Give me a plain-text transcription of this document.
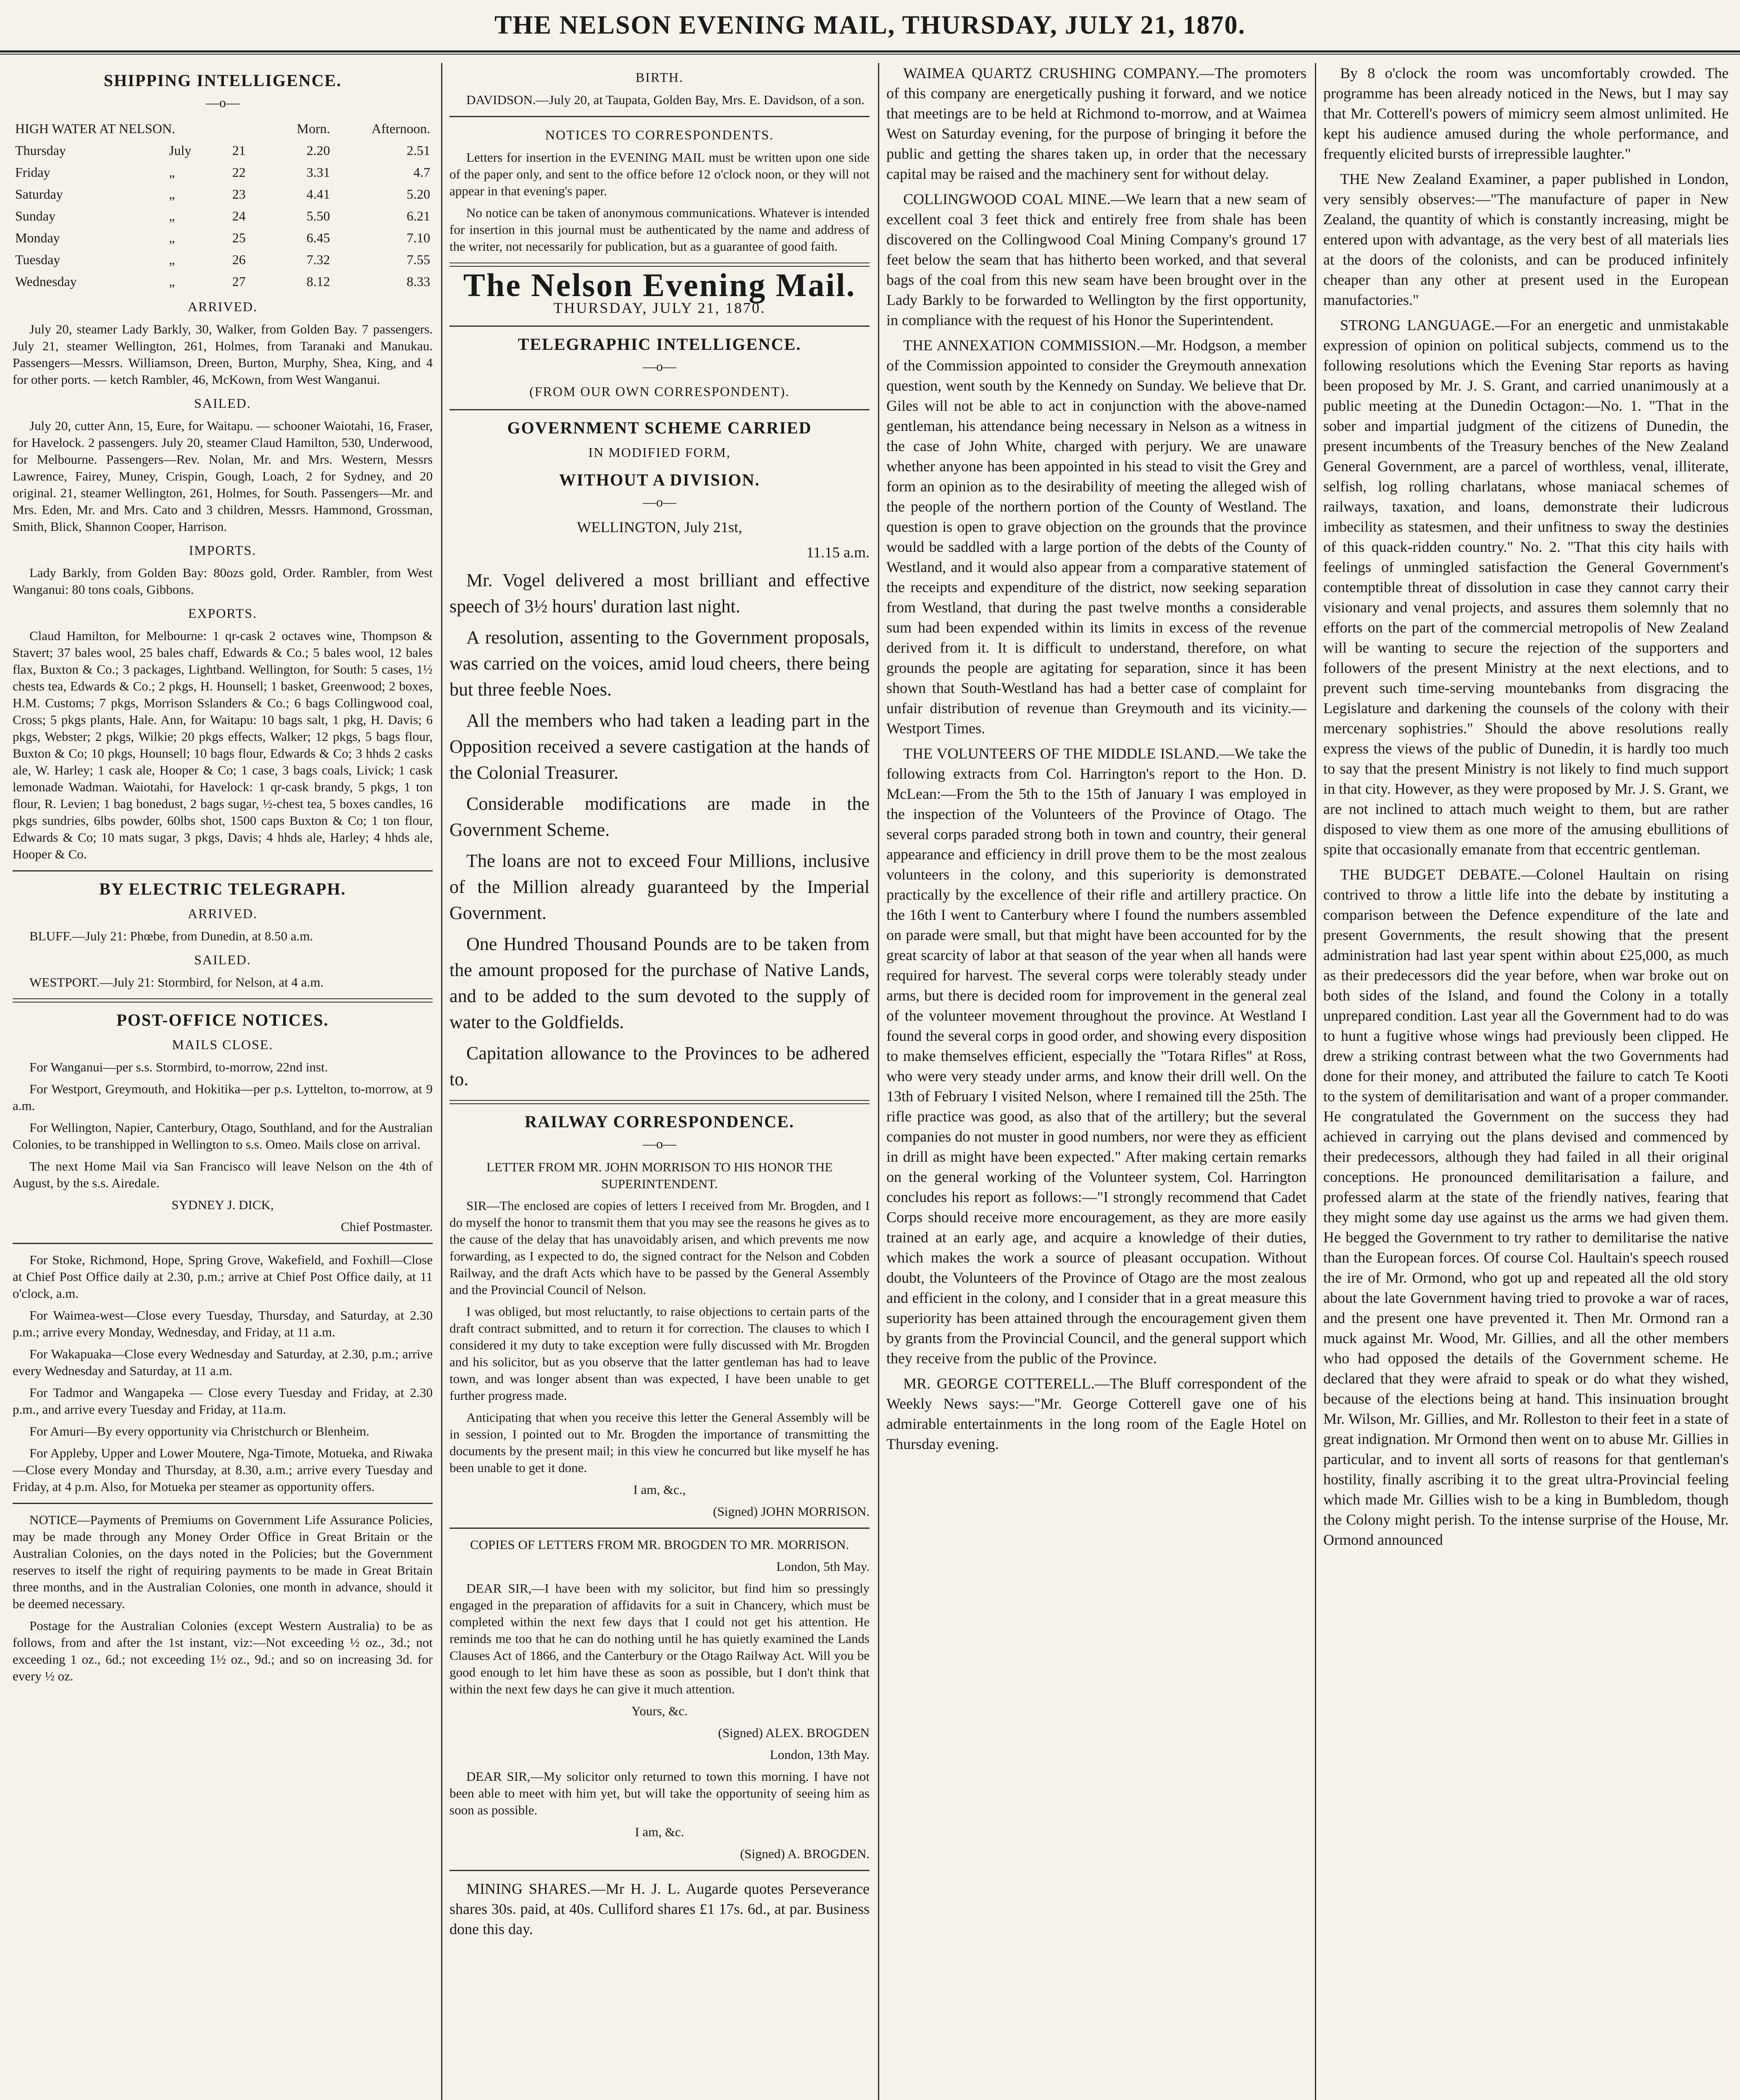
THE NELSON EVENING MAIL, THURSDAY, JULY 21, 1870.
SHIPPING INTELLIGENCE.
—o—
HIGH WATER AT NELSON.			Morn.	Afternoon.
Thursday	July	21	2.20	2.51
Friday	„	22	3.31	4.7
Saturday	„	23	4.41	5.20
Sunday	„	24	5.50	6.21
Monday	„	25	6.45	7.10
Tuesday	„	26	7.32	7.55
Wednesday	„	27	8.12	8.33
ARRIVED.

July 20, steamer Lady Barkly, 30, Walker, from Golden Bay. 7 passengers. July 21, steamer Wellington, 261, Holmes, from Taranaki and Manukau. Passengers—Messrs. Williamson, Dreen, Burton, Murphy, Shea, King, and 4 for other ports. — ketch Rambler, 46, McKown, from West Wanganui.

SAILED.

July 20, cutter Ann, 15, Eure, for Waitapu. — schooner Waiotahi, 16, Fraser, for Havelock. 2 passengers. July 20, steamer Claud Hamilton, 530, Underwood, for Melbourne. Passengers—Rev. Nolan, Mr. and Mrs. Western, Messrs Lawrence, Fairey, Muney, Crispin, Gough, Loach, 2 for Sydney, and 20 original. 21, steamer Wellington, 261, Holmes, for South. Passengers—Mr. and Mrs. Eden, Mr. and Mrs. Cato and 3 children, Messrs. Hammond, Grossman, Smith, Blick, Shannon Cooper, Harrison.

IMPORTS.

Lady Barkly, from Golden Bay: 80ozs gold, Order. Rambler, from West Wanganui: 80 tons coals, Gibbons.

EXPORTS.

Claud Hamilton, for Melbourne: 1 qr-cask 2 octaves wine, Thompson & Stavert; 37 bales wool, 25 bales chaff, Edwards & Co.; 5 bales wool, 12 bales flax, Buxton & Co.; 3 packages, Lightband. Wellington, for South: 5 cases, 1½ chests tea, Edwards & Co.; 2 pkgs, H. Hounsell; 1 basket, Greenwood; 2 boxes, H.M. Customs; 7 pkgs, Morrison Sslanders & Co.; 6 bags Collingwood coal, Cross; 5 pkgs plants, Hale. Ann, for Waitapu: 10 bags salt, 1 pkg, H. Davis; 6 pkgs, Webster; 2 pkgs, Wilkie; 20 pkgs effects, Walker; 12 pkgs, 5 bags flour, Buxton & Co; 10 pkgs, Hounsell; 10 bags flour, Edwards & Co; 3 hhds 2 casks ale, W. Harley; 1 cask ale, Hooper & Co; 1 case, 3 bags coals, Livick; 1 cask lemonade Wadman. Waiotahi, for Havelock: 1 qr-cask brandy, 5 pkgs, 1 ton flour, R. Levien; 1 bag bonedust, 2 bags sugar, ½-chest tea, 5 boxes candles, 16 pkgs sundries, 6lbs powder, 60lbs shot, 1500 caps Buxton & Co; 1 ton flour, Edwards & Co; 10 mats sugar, 3 pkgs, Davis; 4 hhds ale, Harley; 4 hhds ale, Hooper & Co.

BY ELECTRIC TELEGRAPH.
ARRIVED.

BLUFF.—July 21: Phœbe, from Dunedin, at 8.50 a.m.

SAILED.

WESTPORT.—July 21: Stormbird, for Nelson, at 4 a.m.

POST-OFFICE NOTICES.
MAILS CLOSE.

For Wanganui—per s.s. Stormbird, to-morrow, 22nd inst.

For Westport, Greymouth, and Hokitika—per p.s. Lyttelton, to-morrow, at 9 a.m.

For Wellington, Napier, Canterbury, Otago, Southland, and for the Australian Colonies, to be transhipped in Wellington to s.s. Omeo. Mails close on arrival.

The next Home Mail via San Francisco will leave Nelson on the 4th of August, by the s.s. Airedale.

SYDNEY J. DICK,

Chief Postmaster.

For Stoke, Richmond, Hope, Spring Grove, Wakefield, and Foxhill—Close at Chief Post Office daily at 2.30, p.m.; arrive at Chief Post Office daily, at 11 o'clock, a.m.

For Waimea-west—Close every Tuesday, Thursday, and Saturday, at 2.30 p.m.; arrive every Monday, Wednesday, and Friday, at 11 a.m.

For Wakapuaka—Close every Wednesday and Saturday, at 2.30, p.m.; arrive every Wednesday and Saturday, at 11 a.m.

For Tadmor and Wangapeka — Close every Tuesday and Friday, at 2.30 p.m., and arrive every Tuesday and Friday, at 11a.m.

For Amuri—By every opportunity via Christchurch or Blenheim.

For Appleby, Upper and Lower Moutere, Nga-Timote, Motueka, and Riwaka—Close every Monday and Thursday, at 8.30, a.m.; arrive every Tuesday and Friday, at 4 p.m. Also, for Motueka per steamer as opportunity offers.

NOTICE—Payments of Premiums on Government Life Assurance Policies, may be made through any Money Order Office in Great Britain or the Australian Colonies, on the days noted in the Policies; but the Government reserves to itself the right of requiring payments to be made in Great Britain three months, and in the Australian Colonies, one month in advance, should it be deemed necessary.

Postage for the Australian Colonies (except Western Australia) to be as follows, from and after the 1st instant, viz:—Not exceeding ½ oz., 3d.; not exceeding 1 oz., 6d.; not exceeding 1½ oz., 9d.; and so on increasing 3d. for every ½ oz.

BIRTH.

DAVIDSON.—July 20, at Taupata, Golden Bay, Mrs. E. Davidson, of a son.

NOTICES TO CORRESPONDENTS.

Letters for insertion in the EVENING MAIL must be written upon one side of the paper only, and sent to the office before 12 o'clock noon, or they will not appear in that evening's paper.

No notice can be taken of anonymous communications. Whatever is intended for insertion in this journal must be authenticated by the name and address of the writer, not necessarily for publication, but as a guarantee of good faith.

The Nelson Evening Mail.
THURSDAY, JULY 21, 1870.
TELEGRAPHIC INTELLIGENCE.
—o—
(FROM OUR OWN CORRESPONDENT).
GOVERNMENT SCHEME CARRIED
IN MODIFIED FORM,
WITHOUT A DIVISION.
—o—

WELLINGTON, July 21st,

11.15 a.m.

Mr. Vogel delivered a most brilliant and effective speech of 3½ hours' duration last night.

A resolution, assenting to the Government proposals, was carried on the voices, amid loud cheers, there being but three feeble Noes.

All the members who had taken a leading part in the Opposition received a severe castigation at the hands of the Colonial Treasurer.

Considerable modifications are made in the Government Scheme.

The loans are not to exceed Four Millions, inclusive of the Million already guaranteed by the Imperial Government.

One Hundred Thousand Pounds are to be taken from the amount proposed for the purchase of Native Lands, and to be added to the sum devoted to the supply of water to the Goldfields.

Capitation allowance to the Provinces to be adhered to.

RAILWAY CORRESPONDENCE.
—o—

LETTER FROM MR. JOHN MORRISON TO HIS HONOR THE SUPERINTENDENT.

SIR—The enclosed are copies of letters I received from Mr. Brogden, and I do myself the honor to transmit them that you may see the reasons he gives as to the cause of the delay that has unavoidably arisen, and which prevents me now forwarding, as I expected to do, the signed contract for the Nelson and Cobden Railway, and the draft Acts which have to be passed by the General Assembly and the Provincial Council of Nelson.

I was obliged, but most reluctantly, to raise objections to certain parts of the draft contract submitted, and to return it for correction. The clauses to which I considered it my duty to take exception were fully discussed with Mr. Brogden and his solicitor, but as you observe that the latter gentleman has had to leave town, and was longer absent than was expected, I have been unable to get further progress made.

Anticipating that when you receive this letter the General Assembly will be in session, I pointed out to Mr. Brogden the importance of transmitting the documents by the present mail; in this view he concurred but like myself he has been unable to get it done.

I am, &c.,

(Signed) JOHN MORRISON.

COPIES OF LETTERS FROM MR. BROGDEN TO MR. MORRISON.

London, 5th May.

DEAR SIR,—I have been with my solicitor, but find him so pressingly engaged in the preparation of affidavits for a suit in Chancery, which must be completed within the next few days that I could not get his attention. He reminds me too that he can do nothing until he has quietly examined the Lands Clauses Act of 1866, and the Canterbury or the Otago Railway Act. Will you be good enough to let him have these as soon as possible, but I don't think that within the next few days he can give it much attention.

Yours, &c.

(Signed) ALEX. BROGDEN

London, 13th May.

DEAR SIR,—My solicitor only returned to town this morning. I have not been able to meet with him yet, but will take the opportunity of seeing him as soon as possible.

I am, &c.

(Signed) A. BROGDEN.

MINING SHARES.—Mr H. J. L. Augarde quotes Perseverance shares 30s. paid, at 40s. Culliford shares £1 17s. 6d., at par. Business done this day.

WAIMEA QUARTZ CRUSHING COMPANY.—The promoters of this company are energetically pushing it forward, and we notice that meetings are to be held at Richmond to-morrow, and at Waimea West on Saturday evening, for the purpose of bringing it before the public and getting the shares taken up, in order that the necessary capital may be raised and the machinery sent for without delay.

COLLINGWOOD COAL MINE.—We learn that a new seam of excellent coal 3 feet thick and entirely free from shale has been discovered on the Collingwood Coal Mining Company's ground 17 feet below the seam that has hitherto been worked, and that several bags of the coal from this new seam have been brought over in the Lady Barkly to be forwarded to Wellington by the first opportunity, in compliance with the request of his Honor the Superintendent.

THE ANNEXATION COMMISSION.—Mr. Hodgson, a member of the Commission appointed to consider the Greymouth annexation question, went south by the Kennedy on Sunday. We believe that Dr. Giles will not be able to act in conjunction with the above-named gentleman, his attendance being necessary in Nelson as a witness in the case of John White, charged with perjury. We are unaware whether anyone has been appointed in his stead to visit the Grey and form an opinion as to the desirability of meeting the alleged wish of the people of the northern portion of the County of Westland. The question is open to grave objection on the grounds that the province would be saddled with a large portion of the debts of the County of Westland, and it would also appear from a comparative statement of the receipts and expenditure of the district, now seeking separation from Westland, that during the past twelve months a considerable sum had been expended within its limits in excess of the revenue derived from it. It is difficult to understand, therefore, on what grounds the people are agitating for separation, since it has been shown that South-Westland has had a better case of complaint for unfair distribution of revenue than Greymouth and its vicinity.—Westport Times.

THE VOLUNTEERS OF THE MIDDLE ISLAND.—We take the following extracts from Col. Harrington's report to the Hon. D. McLean:—From the 5th to the 15th of January I was employed in the inspection of the Volunteers of the Province of Otago. The several corps paraded strong both in town and country, their general appearance and efficiency in drill prove them to be the most zealous volunteers in the colony, and this superiority is demonstrated practically by the excellence of their rifle and artillery practice. On the 16th I went to Canterbury where I found the numbers assembled on parade were small, but that might have been accounted for by the great scarcity of labor at that season of the year when all hands were required for harvest. The several corps were tolerably steady under arms, but there is decided room for improvement in the general zeal of the volunteer movement throughout the province. At Westland I found the several corps in good order, and showing every disposition to make themselves efficient, especially the "Totara Rifles" at Ross, who were very steady under arms, and know their drill well. On the 13th of February I visited Nelson, where I remained till the 25th. The rifle practice was good, as also that of the artillery; but the several companies do not muster in good numbers, nor were they as efficient in drill as might have been expected." After making certain remarks on the general working of the Volunteer system, Col. Harrington concludes his report as follows:—"I strongly recommend that Cadet Corps should receive more encouragement, as they are more easily trained at an early age, and acquire a knowledge of their duties, which makes the work a source of pleasant occupation. Without doubt, the Volunteers of the Province of Otago are the most zealous and efficient in the colony, and I consider that in a great measure this superiority has been attained through the encouragement given them by grants from the Provincial Council, and the general support which they receive from the public of the Province.

MR. GEORGE COTTERELL.—The Bluff correspondent of the Weekly News says:—"Mr. George Cotterell gave one of his admirable entertainments in the long room of the Eagle Hotel on Thursday evening.

By 8 o'clock the room was uncomfortably crowded. The programme has been already noticed in the News, but I may say that Mr. Cotterell's powers of mimicry seem almost unlimited. He kept his audience amused during the whole performance, and frequently elicited bursts of irrepressible laughter."

THE New Zealand Examiner, a paper published in London, very sensibly observes:—"The manufacture of paper in New Zealand, the quantity of which is constantly increasing, might be entered upon with advantage, as the very best of all materials lies at the doors of the colonists, and can be produced infinitely cheaper than any other at present used in the European manufactories."

STRONG LANGUAGE.—For an energetic and unmistakable expression of opinion on political subjects, commend us to the following resolutions which the Evening Star reports as having been proposed by Mr. J. S. Grant, and carried unanimously at a public meeting at the Dunedin Octagon:—No. 1. "That in the sober and impartial judgment of the citizens of Dunedin, the present incumbents of the Treasury benches of the New Zealand General Government, are a parcel of worthless, venal, illiterate, selfish, log rolling charlatans, whose maniacal schemes of railways, taxation, and loans, demonstrate their ludicrous imbecility as statesmen, and their unfitness to sway the destinies of this quack-ridden country." No. 2. "That this city hails with feelings of unmingled satisfaction the General Government's contemptible threat of dissolution in case they cannot carry their visionary and venal projects, and assures them solemnly that no efforts on the part of the commercial metropolis of New Zealand will be wanting to secure the rejection of the supporters and followers of the present Ministry at the next elections, and to prevent such time-serving mountebanks from disgracing the Legislature and darkening the counsels of the colony with their mercenary sophistries." Should the above resolutions really express the views of the public of Dunedin, it is hardly too much to say that the present Ministry is not likely to find much support in that city. However, as they were proposed by Mr. J. S. Grant, we are not inclined to attach much weight to them, but are rather disposed to view them as one more of the amusing ebullitions of spite that occasionally emanate from that eccentric gentleman.

THE BUDGET DEBATE.—Colonel Haultain on rising contrived to throw a little life into the debate by instituting a comparison between the Defence expenditure of the late and present Governments, the result showing that the present administration had last year spent within about £25,000, as much as their predecessors did the year before, when war broke out on both sides of the Island, and found the Colony in a totally unprepared condition. Last year all the Government had to do was to hunt a fugitive whose wings had previously been clipped. He drew a striking contrast between what the two Governments had done for their money, and attributed the failure to catch Te Kooti to the system of demilitarisation and want of a proper commander. He congratulated the Government on the success they had achieved in carrying out the plans devised and commenced by their predecessors, although they had failed in all their original conceptions. He pronounced demilitarisation a failure, and professed alarm at the state of the friendly natives, fearing that they might some day use against us the arms we had given them. He begged the Government to try rather to demilitarise the native than the European forces. Of course Col. Haultain's speech roused the ire of Mr. Ormond, who got up and repeated all the old story about the late Government having tried to provoke a war of races, and the present one have prevented it. Then Mr. Ormond ran a muck against Mr. Wood, Mr. Gillies, and all the other members who had opposed the details of the Government scheme. He declared that they were afraid to speak or do what they wished, because of the elections being at hand. This insinuation brought Mr. Wilson, Mr. Gillies, and Mr. Rolleston to their feet in a state of great indignation. Mr Ormond then went on to abuse Mr. Gillies in particular, and to invent all sorts of reasons for that gentleman's hostility, finally ascribing it to the great ultra-Provincial feeling which made Mr. Gillies wish to be a king in Bumbledom, though the Colony might perish. To the intense surprise of the House, Mr. Ormond announced
